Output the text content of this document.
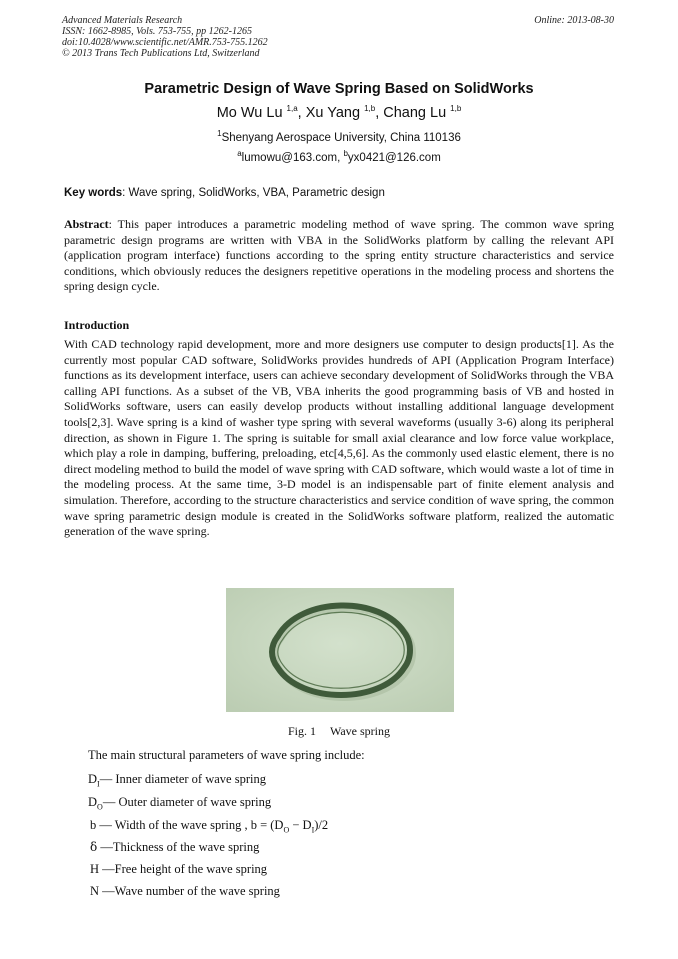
Advanced Materials Research
ISSN: 1662-8985, Vols. 753-755, pp 1262-1265
doi:10.4028/www.scientific.net/AMR.753-755.1262
© 2013 Trans Tech Publications Ltd, Switzerland
Online: 2013-08-30
Parametric Design of Wave Spring Based on SolidWorks
Mo Wu Lu $^{1,a}$, Xu Yang $^{1,b}$, Chang Lu $^{1,b}$
$^1$Shenyang Aerospace University, China 110136
$^a$lumowu@163.com, $^b$yx0421@126.com
Key words: Wave spring, SolidWorks, VBA, Parametric design

Abstract: This paper introduces a parametric modeling method of wave spring. The common wave spring parametric design programs are written with VBA in the SolidWorks platform by calling the relevant API (application program interface) functions according to the spring entity structure characteristics and service conditions, which obviously reduces the designers repetitive operations in the modeling process and shortens the spring design cycle.

Introduction

With CAD technology rapid development, more and more designers use computer to design products[1]. As the currently most popular CAD software, SolidWorks provides hundreds of API (Application Program Interface) functions as its development interface, users can achieve secondary development of SolidWorks through the VBA calling API functions. As a subset of the VB, VBA inherits the good programming basis of VB and hosted in SolidWorks software, users can easily develop products without installing additional language development tools[2,3]. Wave spring is a kind of washer type spring with several waveforms (usually 3-6) along its peripheral direction, as shown in Figure 1. The spring is suitable for small axial clearance and low force value workplace, which play a role in damping, buffering, preloading, etc[4,5,6]. As the commonly used elastic element, there is no direct modeling method to build the model of wave spring with CAD software, which would waste a lot of time in the modeling process. At the same time, 3-D model is an indispensable part of finite element analysis and simulation. Therefore, according to the structure characteristics and service condition of wave spring, the common wave spring parametric design module is created in the SolidWorks software platform, realized the automatic generation of the wave spring.

Fig. 1 Wave spring
The main structural parameters of wave spring include:
$D_I—$ Inner diameter of wave spring
$D_O—$ Outer diameter of wave spring
b — Width of the wave spring , $b = (D_O - D_I)/2$
δ —Thickness of the wave spring
H —Free height of the wave spring
N —Wave number of the wave spring
